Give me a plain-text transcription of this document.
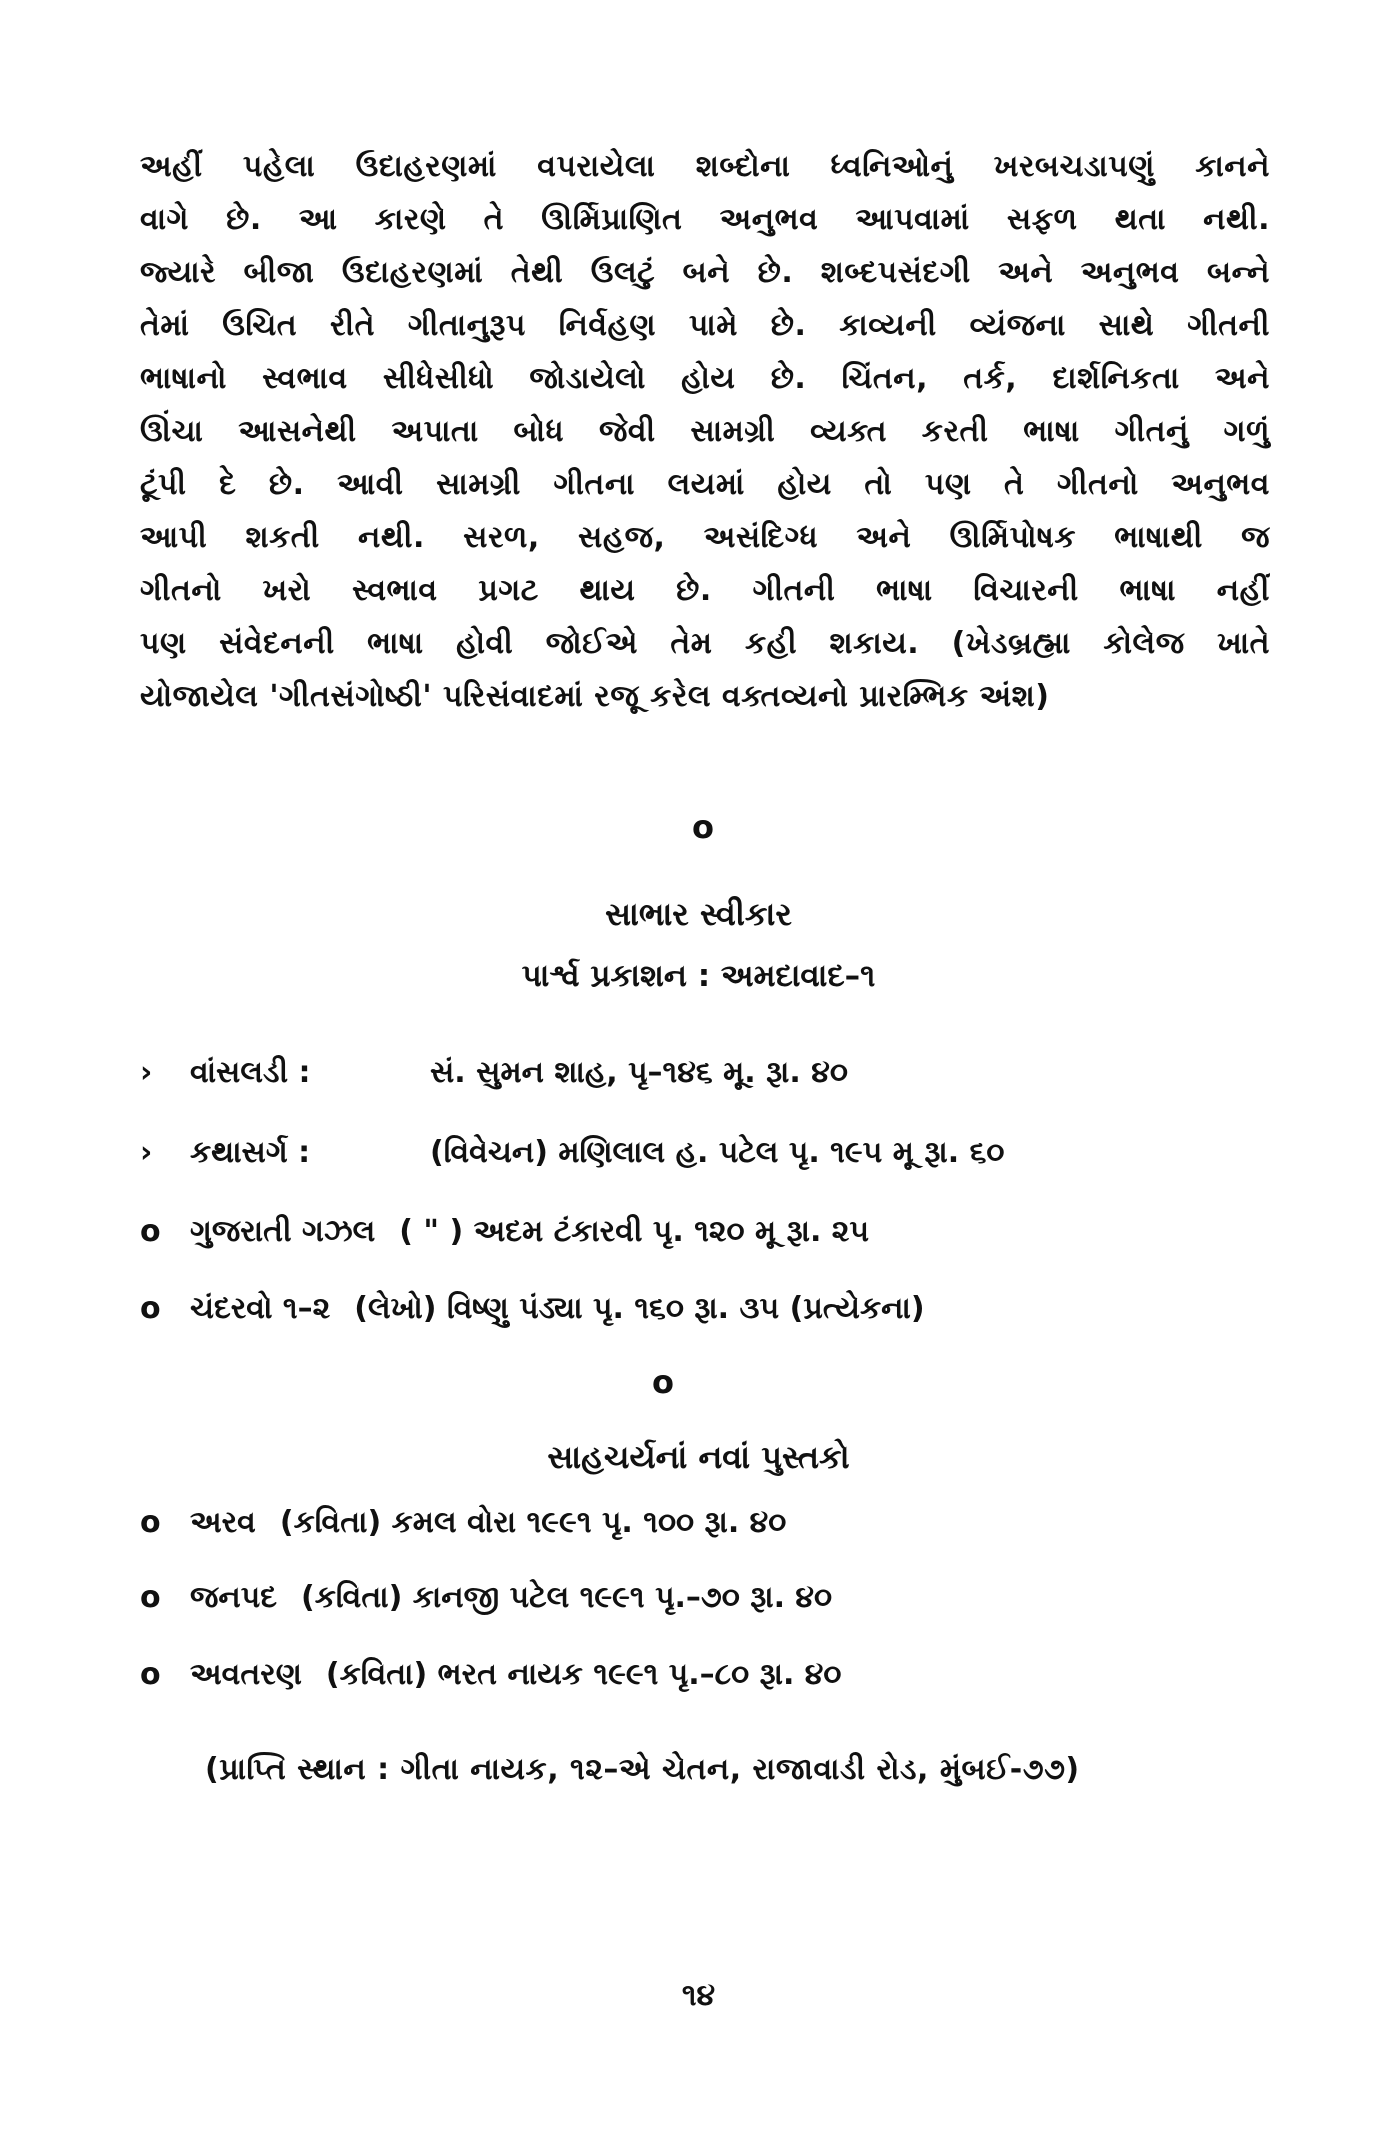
અહીં પહેલા ઉદાહરણમાં વપરાયેલા શબ્દોના ધ્વનિઓનું ખરબચડાપણું કાનને
વાગે છે. આ કારણે તે ઊર્મિપ્રાણિત અનુભવ આપવામાં સફળ થતા નથી.
જ્યારે બીજા ઉદાહરણમાં તેથી ઉલટું બને છે. શબ્દપસંદગી અને અનુભવ બન્ને
તેમાં ઉચિત રીતે ગીતાનુરૂપ નિર્વહણ પામે છે. કાવ્યની વ્યંજના સાથે ગીતની
ભાષાનો સ્વભાવ સીધેસીધો જોડાયેલો હોય છે. ચિંતન, તર્ક, દાર્શનિકતા અને
ઊંચા આસનેથી અપાતા બોધ જેવી સામગ્રી વ્યક્ત કરતી ભાષા ગીતનું ગળું
ટૂંપી દે છે. આવી સામગ્રી ગીતના લયમાં હોય તો પણ તે ગીતનો અનુભવ
આપી શકતી નથી. સરળ, સહજ, અસંદિગ્ધ અને ઊર્મિપોષક ભાષાથી જ
ગીતનો ખરો સ્વભાવ પ્રગટ થાય છે. ગીતની ભાષા વિચારની ભાષા નહીં
પણ સંવેદનની ભાષા હોવી જોઈએ તેમ કહી શકાય. (ખેડબ્રહ્મા કોલેજ ખાતે
યોજાયેલ 'ગીતસંગોષ્ઠી' પરિસંવાદમાં રજૂ કરેલ વક્તવ્યનો પ્રારમ્ભિક અંશ)
o
સાભાર સ્વીકાર
પાર્શ્વ પ્રકાશન : અમદાવાદ–૧
› વાંસલડી :	સં. સુમન શાહ, પૃ–૧૪૬ મૂ. રૂા. ૪૦
› કથાસર્ગ :	(વિવેચન) મણિલાલ હ. પટેલ પૃ. ૧૯૫ મૂ રૂા. ૬૦
o ગુજરાતી ગઝલ ( " ) અદમ ટંકારવી પૃ. ૧૨૦ મૂ રૂા. ૨૫
o ચંદરવો ૧–૨ (લેખો) વિષ્ણુ પંડ્યા પૃ. ૧૬૦ રૂા. ૩૫ (પ્રત્યેકના)
o
સાહચર્યનાં નવાં પુસ્તકો
o અરવ (કવિતા) કમલ વોરા ૧૯૯૧ પૃ. ૧૦૦ રૂા. ૪૦
o જનપદ (કવિતા) કાનજી પટેલ ૧૯૯૧ પૃ.–૭૦ રૂા. ૪૦
o અવતરણ (કવિતા) ભરત નાયક ૧૯૯૧ પૃ.–૮૦ રૂા. ૪૦
(પ્રાપ્તિ સ્થાન : ગીતા નાયક, ૧૨–એ ચેતન, રાજાવાડી રોડ, મુંબઈ-૭૭)
૧૪
